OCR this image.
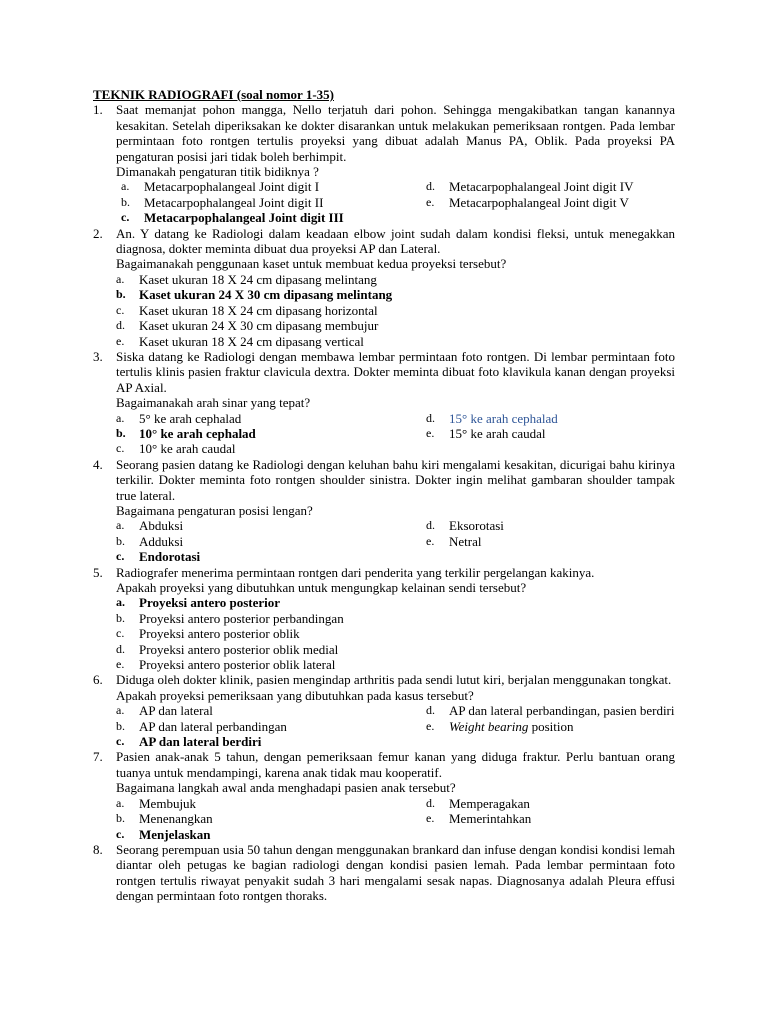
TEKNIK RADIOGRAFI (soal nomor 1-35)
1. Saat memanjat pohon mangga, Nello terjatuh dari pohon. Sehingga mengakibatkan tangan kanannya kesakitan. Setelah diperiksakan ke dokter disarankan untuk melakukan pemeriksaan rontgen. Pada lembar permintaan foto rontgen tertulis proyeksi yang dibuat adalah Manus PA, Oblik. Pada proyeksi PA pengaturan posisi jari tidak boleh berhimpit.
Dimanakah pengaturan titik bidiknya ?
a. Metacarpophalangeal Joint digit I	d. Metacarpophalangeal Joint digit IV
b. Metacarpophalangeal Joint digit II	e. Metacarpophalangeal Joint digit V
c. Metacarpophalangeal Joint digit III
2. An. Y datang ke Radiologi dalam keadaan elbow joint sudah dalam kondisi fleksi, untuk menegakkan diagnosa, dokter meminta dibuat dua proyeksi AP dan Lateral.
Bagaimanakah penggunaan kaset untuk membuat kedua proyeksi tersebut?
a. Kaset ukuran 18 X 24 cm dipasang melintang
b. Kaset ukuran 24 X 30 cm dipasang melintang
c. Kaset ukuran 18 X 24 cm dipasang horizontal
d. Kaset ukuran 24 X 30 cm dipasang membujur
e. Kaset ukuran 18 X 24 cm dipasang vertical
3. Siska datang ke Radiologi dengan membawa lembar permintaan foto rontgen. Di lembar permintaan foto tertulis klinis pasien fraktur clavicula dextra. Dokter meminta dibuat foto klavikula kanan dengan proyeksi AP Axial.
Bagaimanakah arah sinar yang tepat?
a. 5° ke arah cephalad	d. 15° ke arah cephalad
b. 10° ke arah cephalad	e. 15° ke arah caudal
c. 10° ke arah caudal
4. Seorang pasien datang ke Radiologi dengan keluhan bahu kiri mengalami kesakitan, dicurigai bahu kirinya terkilir. Dokter meminta foto rontgen shoulder sinistra. Dokter ingin melihat gambaran shoulder tampak true lateral.
Bagaimana pengaturan posisi lengan?
a. Abduksi	d. Eksorotasi
b. Adduksi	e. Netral
c. Endorotasi
5. Radiografer menerima permintaan rontgen dari penderita yang terkilir pergelangan kakinya.
Apakah proyeksi yang dibutuhkan untuk mengungkap kelainan sendi tersebut?
a. Proyeksi antero posterior
b. Proyeksi antero posterior perbandingan
c. Proyeksi antero posterior oblik
d. Proyeksi antero posterior oblik medial
e. Proyeksi antero posterior oblik lateral
6. Diduga oleh dokter klinik, pasien mengindap arthritis pada sendi lutut kiri, berjalan menggunakan tongkat.
Apakah proyeksi pemeriksaan yang dibutuhkan pada kasus tersebut?
a. AP dan lateral
b. AP dan lateral perbandingan
c. AP dan lateral berdiri
d. AP dan lateral perbandingan, pasien berdiri
e. Weight bearing position
7. Pasien anak-anak 5 tahun, dengan pemeriksaan femur kanan yang diduga fraktur. Perlu bantuan orang tuanya untuk mendampingi, karena anak tidak mau kooperatif.
Bagaimana langkah awal anda menghadapi pasien anak tersebut?
a. Membujuk	d. Memperagakan
b. Menenangkan	e. Memerintahkan
c. Menjelaskan
8. Seorang perempuan usia 50 tahun dengan menggunakan brankard dan infuse dengan kondisi kondisi lemah diantar oleh petugas ke bagian radiologi dengan kondisi pasien lemah. Pada lembar permintaan foto rontgen tertulis riwayat penyakit sudah 3 hari mengalami sesak napas. Diagnosanya adalah Pleura effusi dengan permintaan foto rontgen thoraks.
